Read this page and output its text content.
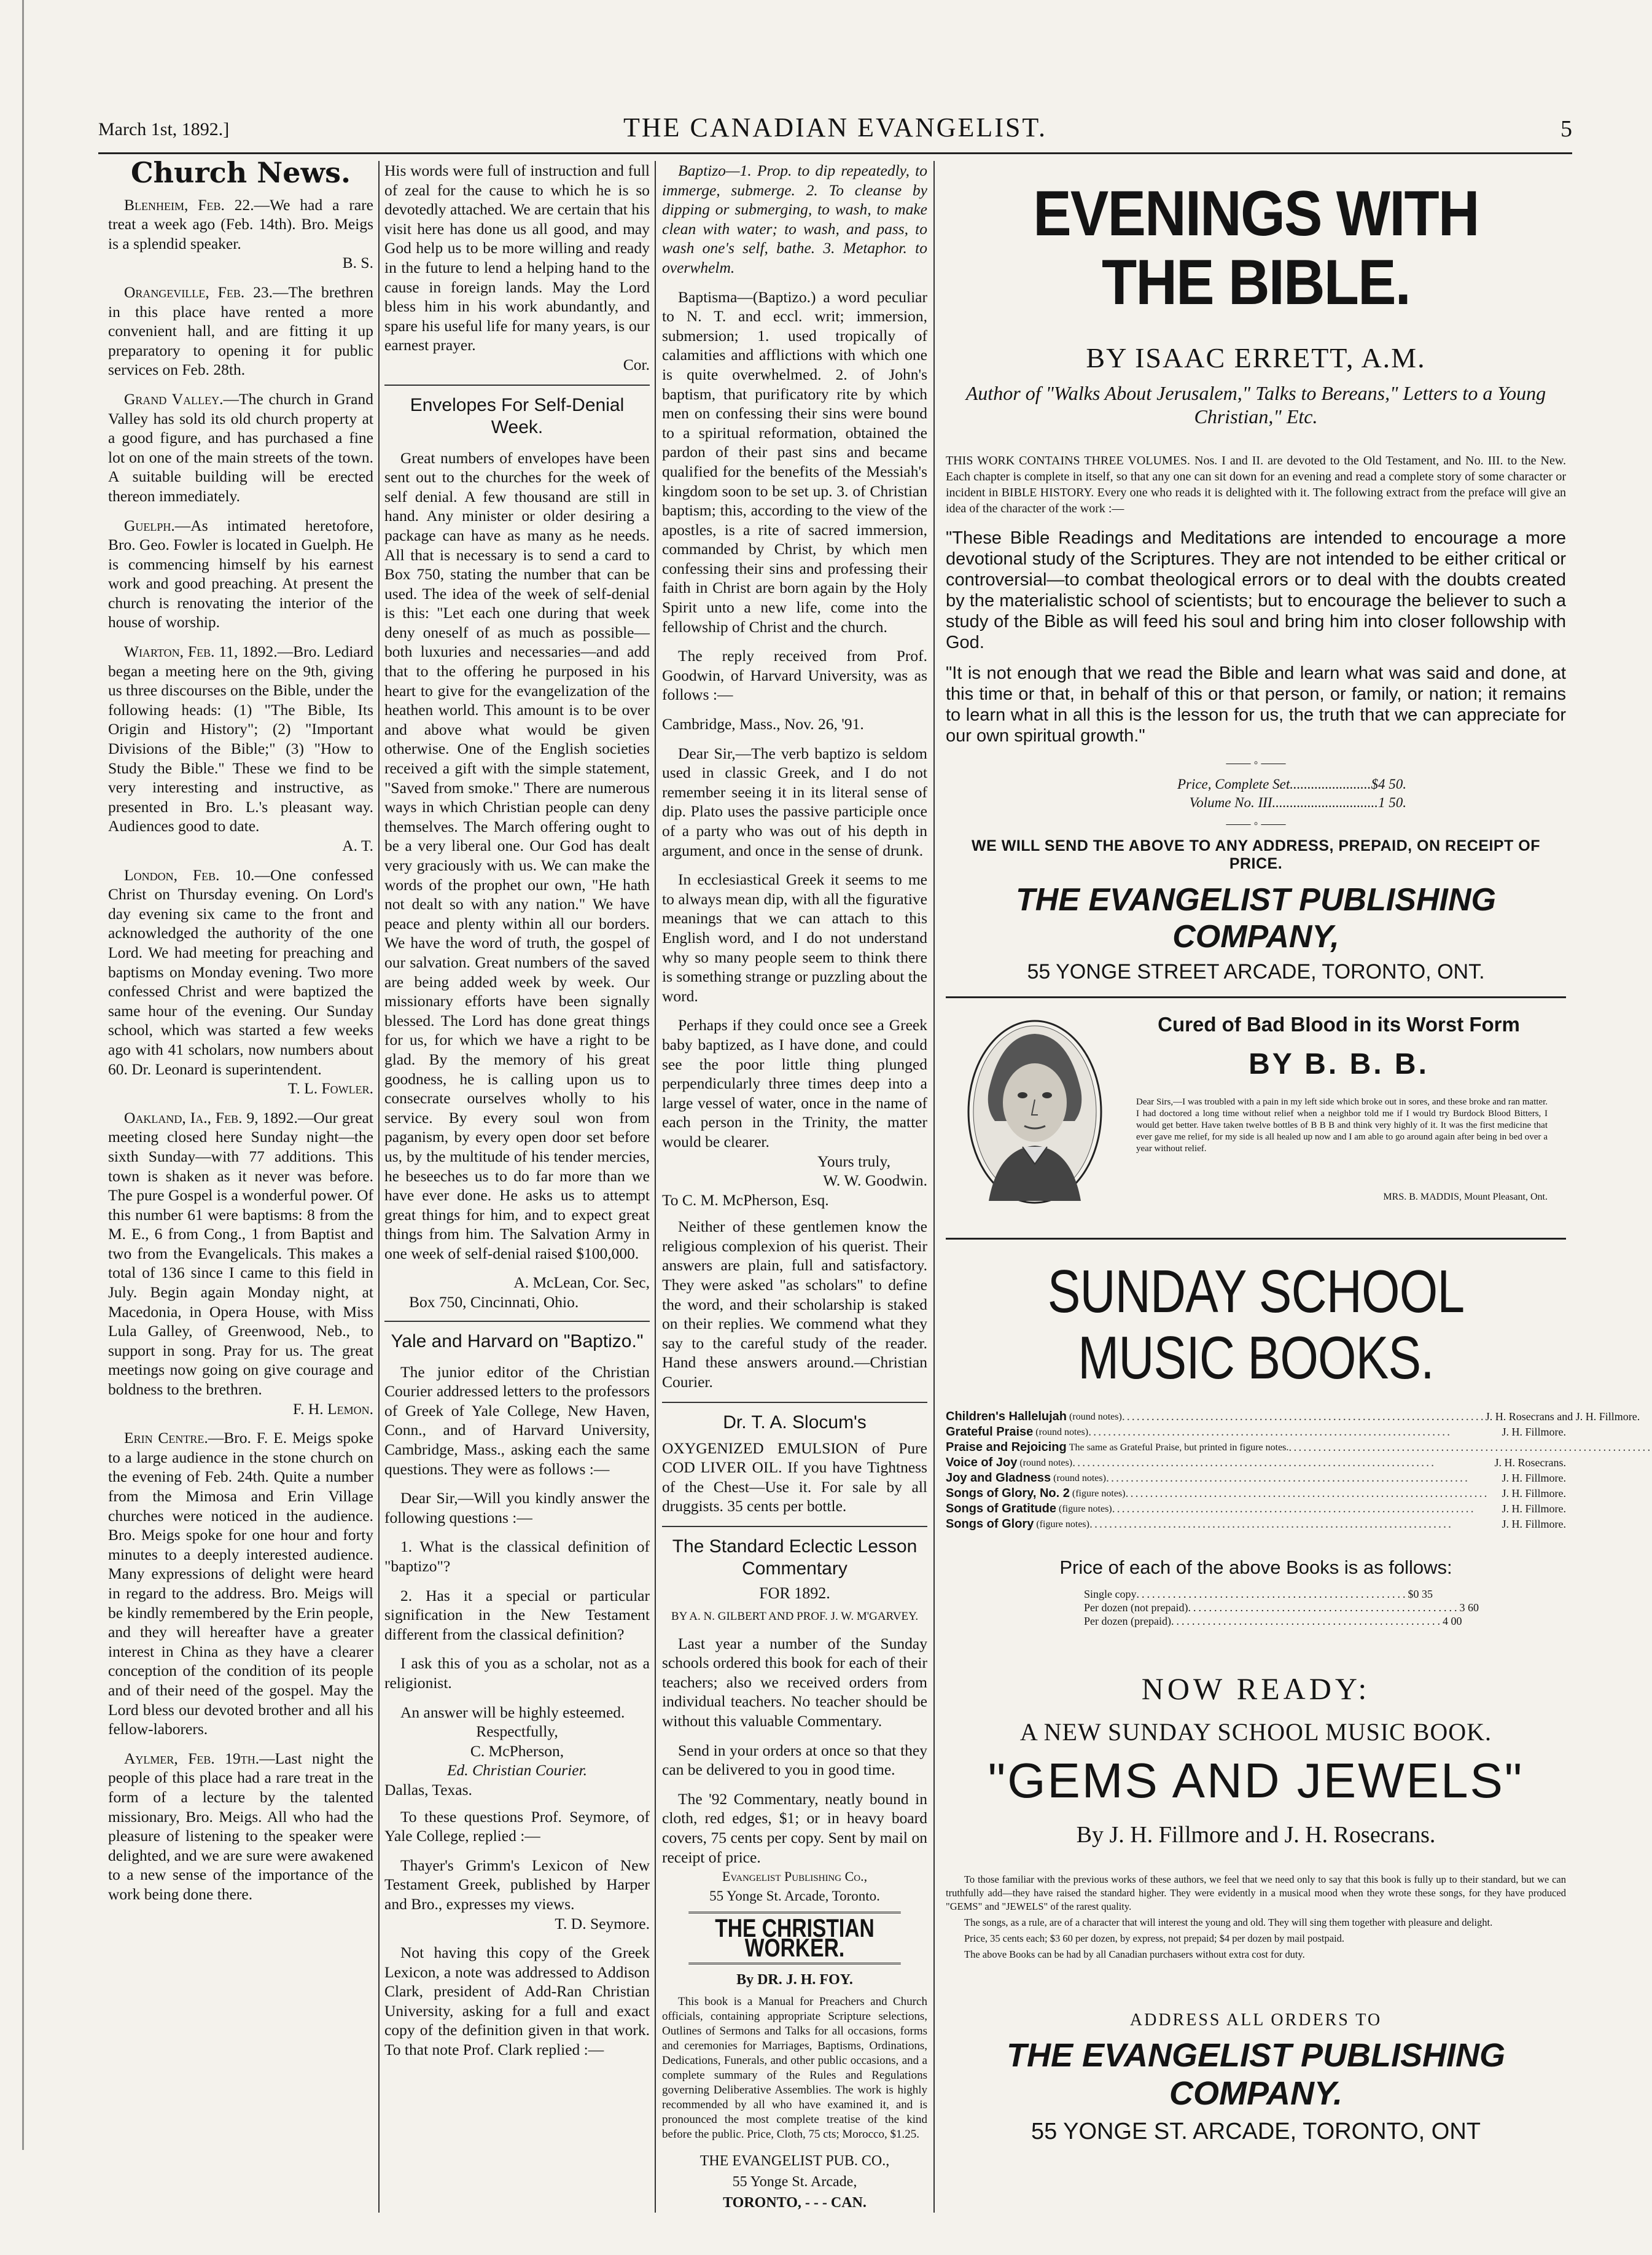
March 1st, 1892.]	THE CANADIAN EVANGELIST.	5
Church News.

Blenheim, Feb. 22.—We had a rare treat a week ago (Feb. 14th). Bro. Meigs is a splendid speaker.

B. S.

Orangeville, Feb. 23.—The brethren in this place have rented a more convenient hall, and are fitting it up preparatory to opening it for public services on Feb. 28th.

Grand Valley.—The church in Grand Valley has sold its old church property at a good figure, and has purchased a fine lot on one of the main streets of the town. A suitable building will be erected thereon immediately.

Guelph.—As intimated heretofore, Bro. Geo. Fowler is located in Guelph. He is commencing himself by his earnest work and good preaching. At present the church is renovating the interior of the house of worship.

Wiarton, Feb. 11, 1892.—Bro. Lediard began a meeting here on the 9th, giving us three discourses on the Bible, under the following heads: (1) "The Bible, Its Origin and History"; (2) "Important Divisions of the Bible;" (3) "How to Study the Bible." These we find to be very interesting and instructive, as presented in Bro. L.'s pleasant way. Audiences good to date.

A. T.

London, Feb. 10.—One confessed Christ on Thursday evening. On Lord's day evening six came to the front and acknowledged the authority of the one Lord. We had meeting for preaching and baptisms on Monday evening. Two more confessed Christ and were baptized the same hour of the evening. Our Sunday school, which was started a few weeks ago with 41 scholars, now numbers about 60. Dr. Leonard is superintendent.

T. L. Fowler.

Oakland, Ia., Feb. 9, 1892.—Our great meeting closed here Sunday night—the sixth Sunday—with 77 additions. This town is shaken as it never was before. The pure Gospel is a wonderful power. Of this number 61 were baptisms: 8 from the M. E., 6 from Cong., 1 from Baptist and two from the Evangelicals. This makes a total of 136 since I came to this field in July. Begin again Monday night, at Macedonia, in Opera House, with Miss Lula Galley, of Greenwood, Neb., to support in song. Pray for us. The great meetings now going on give courage and boldness to the brethren.

F. H. Lemon.

Erin Centre.—Bro. F. E. Meigs spoke to a large audience in the stone church on the evening of Feb. 24th. Quite a number from the Mimosa and Erin Village churches were noticed in the audience. Bro. Meigs spoke for one hour and forty minutes to a deeply interested audience. Many expressions of delight were heard in regard to the address. Bro. Meigs will be kindly remembered by the Erin people, and they will hereafter have a greater interest in China as they have a clearer conception of the condition of its people and of their need of the gospel. May the Lord bless our devoted brother and all his fellow-laborers.

Aylmer, Feb. 19th.—Last night the people of this place had a rare treat in the form of a lecture by the talented missionary, Bro. Meigs. All who had the pleasure of listening to the speaker were delighted, and we are sure were awakened to a new sense of the importance of the work being done there.

His words were full of instruction and full of zeal for the cause to which he is so devotedly attached. We are certain that his visit here has done us all good, and may God help us to be more willing and ready in the future to lend a helping hand to the cause in foreign lands. May the Lord bless him in his work abundantly, and spare his useful life for many years, is our earnest prayer.

Cor.
Envelopes For Self-Denial Week.

Great numbers of envelopes have been sent out to the churches for the week of self denial. A few thousand are still in hand. Any minister or older desiring a package can have as many as he needs. All that is necessary is to send a card to Box 750, stating the number that can be used. The idea of the week of self-denial is this: "Let each one during that week deny oneself of as much as possible—both luxuries and necessaries—and add that to the offering he purposed in his heart to give for the evangelization of the heathen world. This amount is to be over and above what would be given otherwise. One of the English societies received a gift with the simple statement, "Saved from smoke." There are numerous ways in which Christian people can deny themselves. The March offering ought to be a very liberal one. Our God has dealt very graciously with us. We can make the words of the prophet our own, "He hath not dealt so with any nation." We have peace and plenty within all our borders. We have the word of truth, the gospel of our salvation. Great numbers of the saved are being added week by week. Our missionary efforts have been signally blessed. The Lord has done great things for us, for which we have a right to be glad. By the memory of his great goodness, he is calling upon us to consecrate ourselves wholly to his service. By every soul won from paganism, by every open door set before us, by the multitude of his tender mercies, he beseeches us to do far more than we have ever done. He asks us to attempt great things for him, and to expect great things from him. The Salvation Army in one week of self-denial raised $100,000.

A. McLean, Cor. Sec,
Box 750, Cincinnati, Ohio.
Yale and Harvard on "Baptizo."

The junior editor of the Christian Courier addressed letters to the professors of Greek of Yale College, New Haven, Conn., and of Harvard University, Cambridge, Mass., asking each the same questions. They were as follows :—

Dear Sir,—Will you kindly answer the following questions :—

1. What is the classical definition of "baptizo"?

2. Has it a special or particular signification in the New Testament different from the classical definition?

I ask this of you as a scholar, not as a religionist.

An answer will be highly esteemed.

Respectfully,
C. McPherson,
Ed. Christian Courier.
Dallas, Texas.

To these questions Prof. Seymore, of Yale College, replied :—

Thayer's Grimm's Lexicon of New Testament Greek, published by Harper and Bro., expresses my views.

T. D. Seymore.

Not having this copy of the Greek Lexicon, a note was addressed to Addison Clark, president of Add-Ran Christian University, asking for a full and exact copy of the definition given in that work. To that note Prof. Clark replied :—

Baptizo—1. Prop. to dip repeatedly, to immerge, submerge. 2. To cleanse by dipping or submerging, to wash, to make clean with water; to wash, and pass, to wash one's self, bathe. 3. Metaphor. to overwhelm.

Baptisma—(Baptizo.) a word peculiar to N. T. and eccl. writ; immersion, submersion; 1. used tropically of calamities and afflictions with which one is quite overwhelmed. 2. of John's baptism, that purificatory rite by which men on confessing their sins were bound to a spiritual reformation, obtained the pardon of their past sins and became qualified for the benefits of the Messiah's kingdom soon to be set up. 3. of Christian baptism; this, according to the view of the apostles, is a rite of sacred immersion, commanded by Christ, by which men confessing their sins and professing their faith in Christ are born again by the Holy Spirit unto a new life, come into the fellowship of Christ and the church.

The reply received from Prof. Goodwin, of Harvard University, was as follows :—

Cambridge, Mass., Nov. 26, '91.

Dear Sir,—The verb baptizo is seldom used in classic Greek, and I do not remember seeing it in its literal sense of dip. Plato uses the passive participle once of a party who was out of his depth in argument, and once in the sense of drunk.

In ecclesiastical Greek it seems to me to always mean dip, with all the figurative meanings that we can attach to this English word, and I do not understand why so many people seem to think there is something strange or puzzling about the word.

Perhaps if they could once see a Greek baby baptized, as I have done, and could see the poor little thing plunged perpendicularly three times deep into a large vessel of water, once in the name of each person in the Trinity, the matter would be clearer.

Yours truly,
W. W. Goodwin.
To C. M. McPherson, Esq.

Neither of these gentlemen know the religious complexion of his querist. Their answers are plain, full and satisfactory. They were asked "as scholars" to define the word, and their scholarship is staked on their replies. We commend what they say to the careful study of the reader. Hand these answers around.—Christian Courier.

Dr. T. A. Slocum's

OXYGENIZED EMULSION of Pure COD LIVER OIL. If you have Tightness of the Chest—Use it. For sale by all druggists. 35 cents per bottle.

The Standard Eclectic Lesson Commentary
FOR 1892.
BY A. N. GILBERT AND PROF. J. W. M'GARVEY.

Last year a number of the Sunday schools ordered this book for each of their teachers; also we received orders from individual teachers. No teacher should be without this valuable Commentary.

Send in your orders at once so that they can be delivered to you in good time.

The '92 Commentary, neatly bound in cloth, red edges, $1; or in heavy board covers, 75 cents per copy. Sent by mail on receipt of price.

Evangelist Publishing Co.,
55 Yonge St. Arcade, Toronto.
THE CHRISTIAN WORKER.
By DR. J. H. FOY.

This book is a Manual for Preachers and Church officials, containing appropriate Scripture selections, Outlines of Sermons and Talks for all occasions, forms and ceremonies for Marriages, Baptisms, Ordinations, Dedications, Funerals, and other public occasions, and a complete summary of the Rules and Regulations governing Deliberative Assemblies. The work is highly recommended by all who have examined it, and is pronounced the most complete treatise of the kind before the public. Price, Cloth, 75 cts; Morocco, $1.25.

THE EVANGELIST PUB. CO.,
55 Yonge St. Arcade,
TORONTO, - - - CAN.
EVENINGS WITH THE BIBLE.
BY ISAAC ERRETT, A.M.
Author of "Walks About Jerusalem," Talks to Bereans," Letters to a Young Christian," Etc.
THIS WORK CONTAINS THREE VOLUMES. Nos. I and II. are devoted to the Old Testament, and No. III. to the New. Each chapter is complete in itself, so that any one can sit down for an evening and read a complete story of some character or incident in BIBLE HISTORY. Every one who reads it is delighted with it. The following extract from the preface will give an idea of the character of the work :—
"These Bible Readings and Meditations are intended to encourage a more devotional study of the Scriptures. They are not intended to be either critical or controversial—to combat theological errors or to deal with the doubts created by the materialistic school of scientists; but to encourage the believer to such a study of the Bible as will feed his soul and bring him into closer followship with God.
"It is not enough that we read the Bible and learn what was said and done, at this time or that, in behalf of this or that person, or family, or nation; it remains to learn what in all this is the lesson for us, the truth that we can appreciate for our own spiritual growth."
—— ◦ ——
Price, Complete Set.......................$4 50.
Volume No. III..............................1 50.
—— ◦ ——
WE WILL SEND THE ABOVE TO ANY ADDRESS, PREPAID, ON RECEIPT OF PRICE.
THE EVANGELIST PUBLISHING COMPANY,
55 YONGE STREET ARCADE, TORONTO, ONT.
Cured of Bad Blood in its Worst Form
BY B. B. B.
Dear Sirs,—I was troubled with a pain in my left side which broke out in sores, and these broke and ran matter. I had doctored a long time without relief when a neighbor told me if I would try Burdock Blood Bitters, I would get better. Have taken twelve bottles of B B B and think very highly of it. It was the first medicine that ever gave me relief, for my side is all healed up now and I am able to go around again after being in bed over a year without relief.
MRS. B. MADDIS, Mount Pleasant, Ont.
SUNDAY SCHOOL MUSIC BOOKS.
Children's Hallelujah (round notes) .......................................................................... J. H. Rosecrans and J. H. Fillmore.
Grateful Praise (round notes) ..........................................................................	J. H. Fillmore.
Praise and Rejoicing The same as Grateful Praise, but printed in figure notes. ..........................................................................
Voice of Joy (round notes) ..........................................................................	J. H. Rosecrans.
Joy and Gladness (round notes) ..........................................................................	J. H. Fillmore.
Songs of Glory, No. 2 (figure notes) ..........................................................................	J. H. Fillmore.
Songs of Gratitude (figure notes) ..........................................................................	J. H. Fillmore.
Songs of Glory (figure notes) ..........................................................................	J. H. Fillmore.
Price of each of the above Books is as follows:
Single copy .................................................... $0 35
Per dozen (not prepaid) .................................................... 3 60
Per dozen (prepaid) .................................................... 4 00
NOW READY:
A NEW SUNDAY SCHOOL MUSIC BOOK.
"GEMS AND JEWELS"
By J. H. Fillmore and J. H. Rosecrans.
To those familiar with the previous works of these authors, we feel that we need only to say that this book is fully up to their standard, but we can truthfully add—they have raised the standard higher. They were evidently in a musical mood when they wrote these songs, for they have produced "GEMS" and "JEWELS" of the rarest quality.
The songs, as a rule, are of a character that will interest the young and old. They will sing them together with pleasure and delight.
Price, 35 cents each; $3 60 per dozen, by express, not prepaid; $4 per dozen by mail postpaid.
The above Books can be had by all Canadian purchasers without extra cost for duty.
ADDRESS ALL ORDERS TO
THE EVANGELIST PUBLISHING COMPANY.
55 YONGE ST. ARCADE, TORONTO, ONT
